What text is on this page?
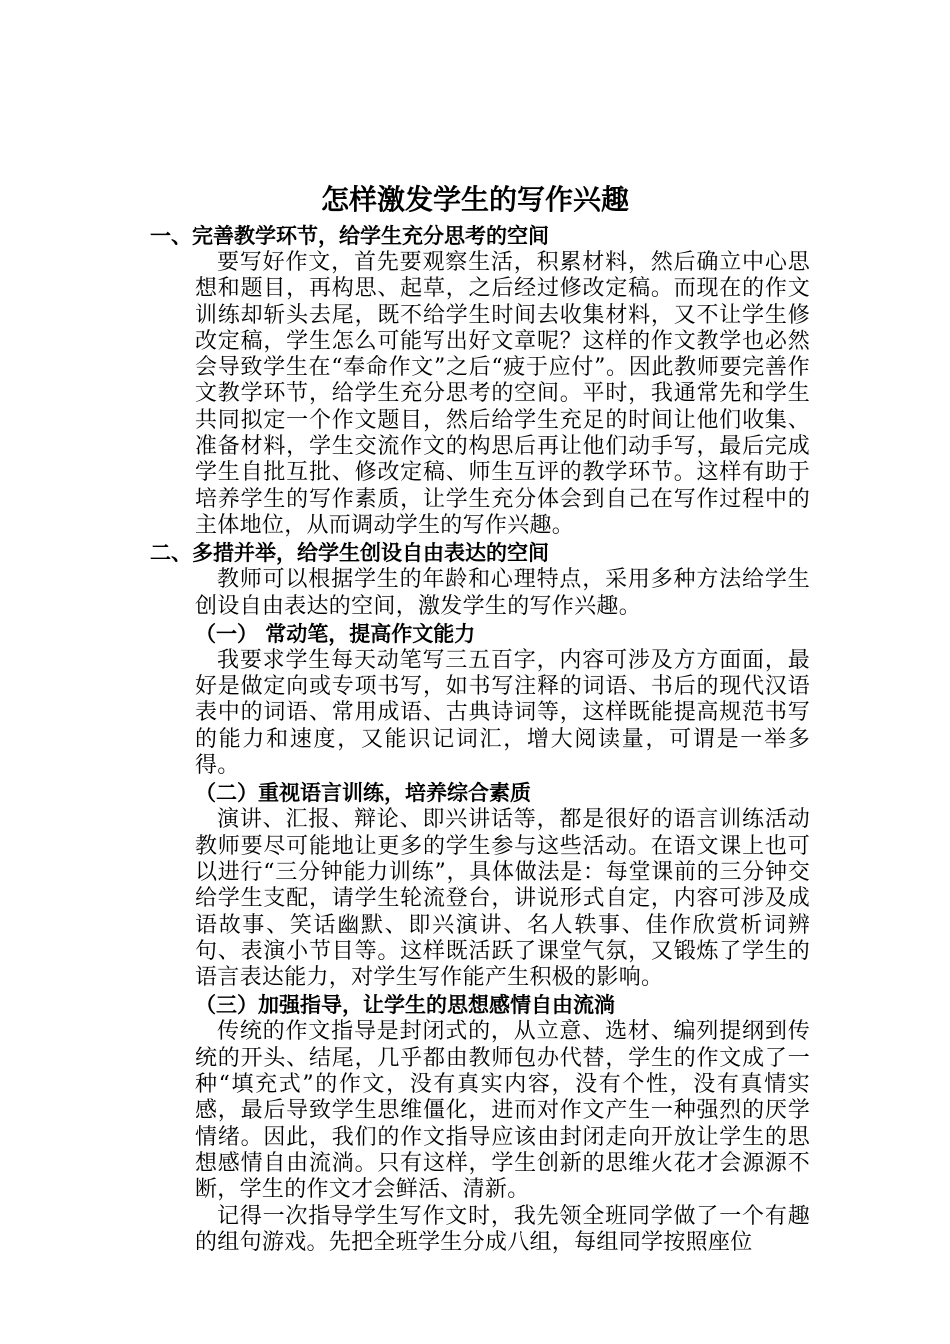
怎样激发学生的写作兴趣
一、完善教学环节，给学生充分思考的空间

要写好作文，首先要观察生活，积累材料，然后确立中心思想和题目，再构思、起草，之后经过修改定稿。而现在的作文训练却斩头去尾，既不给学生时间去收集材料，又不让学生修改定稿，学生怎么可能写出好文章呢？这样的作文教学也必然会导致学生在“奉命作文”之后“疲于应付”。因此教师要完善作文教学环节，给学生充分思考的空间。平时，我通常先和学生共同拟定一个作文题目，然后给学生充足的时间让他们收集、准备材料，学生交流作文的构思后再让他们动手写，最后完成学生自批互批、修改定稿、师生互评的教学环节。这样有助于培养学生的写作素质，让学生充分体会到自己在写作过程中的主体地位，从而调动学生的写作兴趣。

二、多措并举，给学生创设自由表达的空间

教师可以根据学生的年龄和心理特点，采用多种方法给学生创设自由表达的空间，激发学生的写作兴趣。

（一） 常动笔，提高作文能力

我要求学生每天动笔写三五百字，内容可涉及方方面面，最好是做定向或专项书写，如书写注释的词语、书后的现代汉语表中的词语、常用成语、古典诗词等，这样既能提高规范书写的能力和速度，又能识记词汇，增大阅读量，可谓是一举多得。

（二）重视语言训练，培养综合素质

演讲、汇报、辩论、即兴讲话等，都是很好的语言训练活动教师要尽可能地让更多的学生参与这些活动。在语文课上也可以进行“三分钟能力训练”，具体做法是：每堂课前的三分钟交给学生支配，请学生轮流登台，讲说形式自定，内容可涉及成语故事、笑话幽默、即兴演讲、名人轶事、佳作欣赏析词辨句、表演小节目等。这样既活跃了课堂气氛，又锻炼了学生的语言表达能力，对学生写作能产生积极的影响。

（三）加强指导，让学生的思想感情自由流淌

传统的作文指导是封闭式的，从立意、选材、编列提纲到传统的开头、结尾，几乎都由教师包办代替，学生的作文成了一种“填充式”的作文，没有真实内容，没有个性，没有真情实感，最后导致学生思维僵化，进而对作文产生一种强烈的厌学情绪。因此，我们的作文指导应该由封闭走向开放让学生的思想感情自由流淌。只有这样，学生创新的思维火花才会源源不断，学生的作文才会鲜活、清新。

记得一次指导学生写作文时，我先领全班同学做了一个有趣的组句游戏。先把全班学生分成八组，每组同学按照座位
